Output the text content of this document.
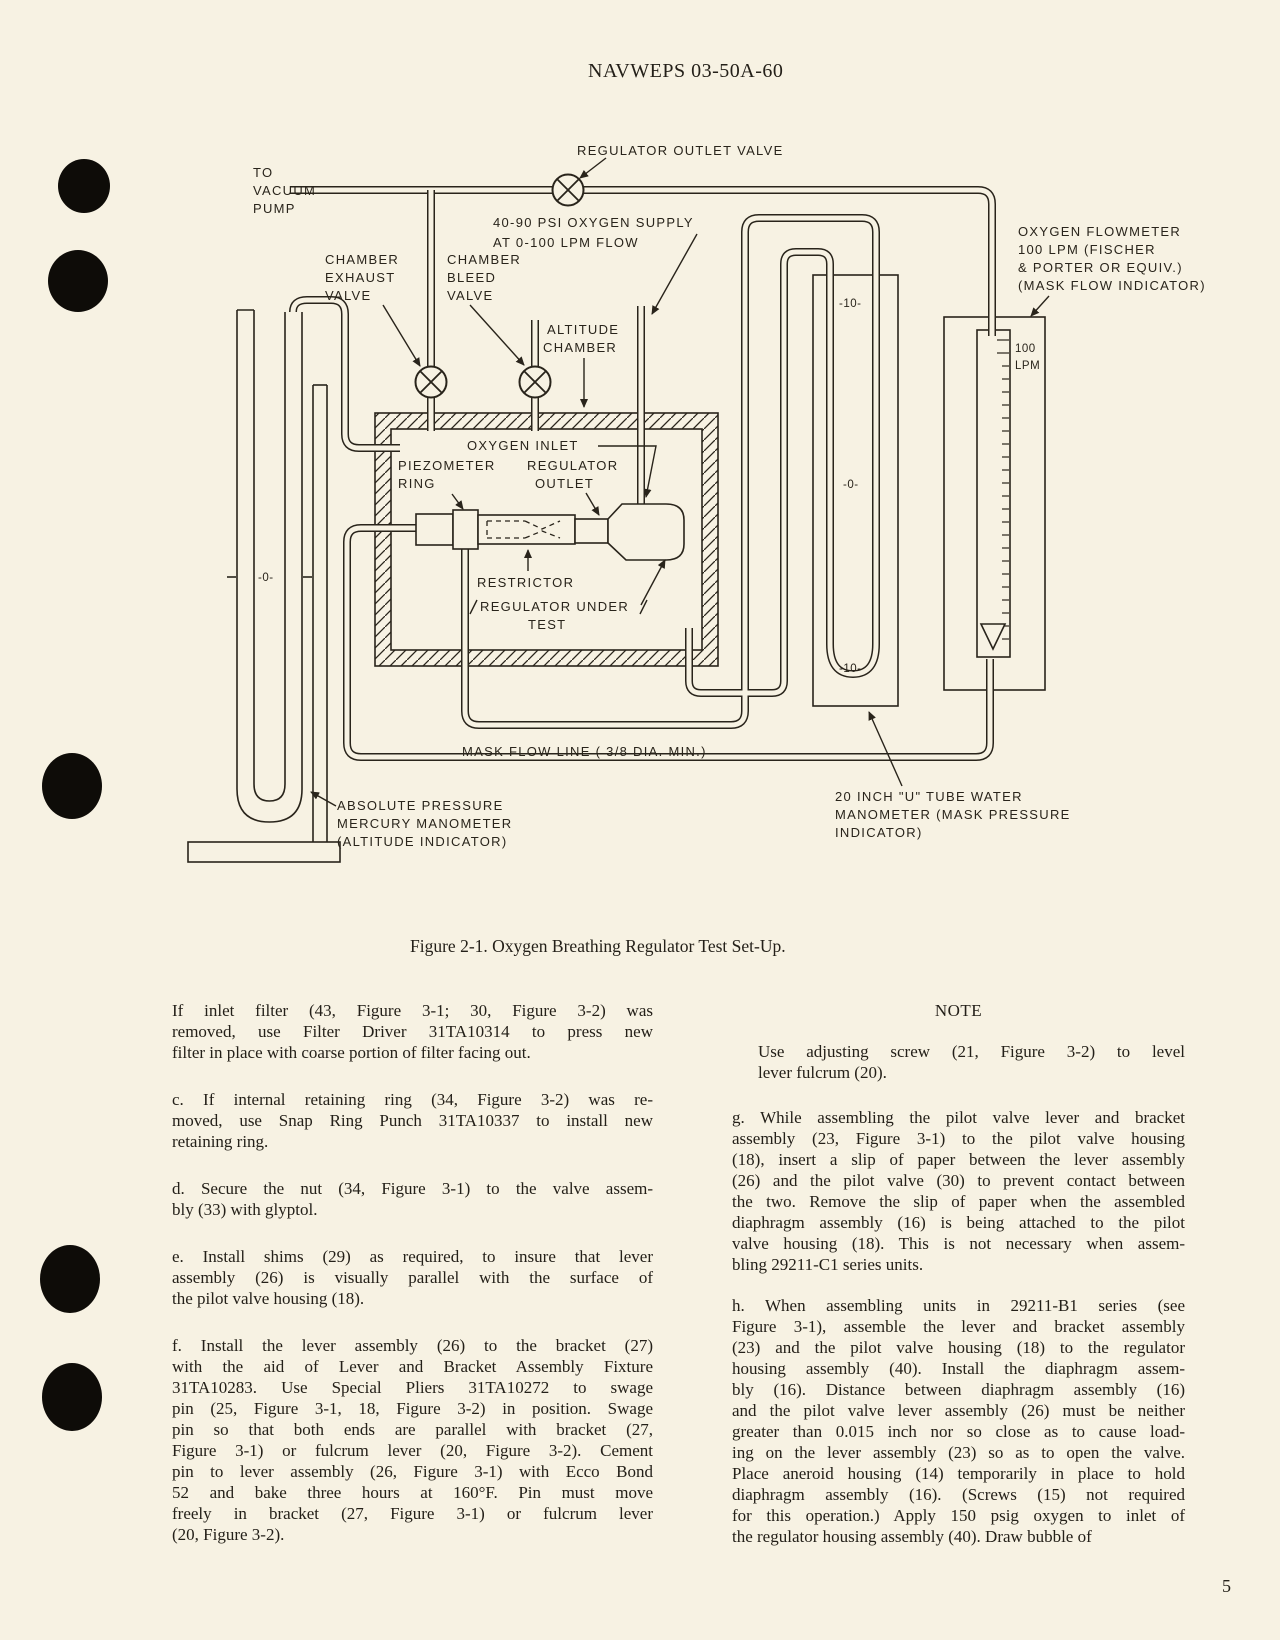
NAVWEPS 03-50A-60
TO
VACUUM
PUMP
REGULATOR OUTLET VALVE
40-90 PSI OXYGEN SUPPLY
AT 0-100 LPM FLOW
CHAMBER
EXHAUST
VALVE
CHAMBER
BLEED
VALVE
ALTITUDE
CHAMBER
OXYGEN FLOWMETER
100 LPM (FISCHER
& PORTER OR EQUIV.)
(MASK FLOW INDICATOR)
OXYGEN INLET
PIEZOMETER
RING
REGULATOR
OUTLET
RESTRICTOR
REGULATOR UNDER
TEST
MASK FLOW LINE ( 3/8 DIA. MIN.)
ABSOLUTE PRESSURE
MERCURY MANOMETER
(ALTITUDE INDICATOR)
20 INCH "U" TUBE WATER
MANOMETER (MASK PRESSURE
INDICATOR)
100
LPM
-10-
-0-
-10-
-0-
Figure 2-1. Oxygen Breathing Regulator Test Set-Up.
If inlet filter (43, Figure 3-1; 30, Figure 3-2) was
removed, use Filter Driver 31TA10314 to press new
filter in place with coarse portion of filter facing out.
c. If internal retaining ring (34, Figure 3-2) was re-
moved, use Snap Ring Punch 31TA10337 to install new
retaining ring.
d. Secure the nut (34, Figure 3-1) to the valve assem-
bly (33) with glyptol.
e. Install shims (29) as required, to insure that lever
assembly (26) is visually parallel with the surface of
the pilot valve housing (18).
f. Install the lever assembly (26) to the bracket (27)
with the aid of Lever and Bracket Assembly Fixture
31TA10283. Use Special Pliers 31TA10272 to swage
pin (25, Figure 3-1, 18, Figure 3-2) in position. Swage
pin so that both ends are parallel with bracket (27,
Figure 3-1) or fulcrum lever (20, Figure 3-2). Cement
pin to lever assembly (26, Figure 3-1) with Ecco Bond
52 and bake three hours at 160°F. Pin must move
freely in bracket (27, Figure 3-1) or fulcrum lever
(20, Figure 3-2).
NOTE
Use adjusting screw (21, Figure 3-2) to level
lever fulcrum (20).
g. While assembling the pilot valve lever and bracket
assembly (23, Figure 3-1) to the pilot valve housing
(18), insert a slip of paper between the lever assembly
(26) and the pilot valve (30) to prevent contact between
the two. Remove the slip of paper when the assembled
diaphragm assembly (16) is being attached to the pilot
valve housing (18). This is not necessary when assem-
bling 29211-C1 series units.
h. When assembling units in 29211-B1 series (see
Figure 3-1), assemble the lever and bracket assembly
(23) and the pilot valve housing (18) to the regulator
housing assembly (40). Install the diaphragm assem-
bly (16). Distance between diaphragm assembly (16)
and the pilot valve lever assembly (26) must be neither
greater than 0.015 inch nor so close as to cause load-
ing on the lever assembly (23) so as to open the valve.
Place aneroid housing (14) temporarily in place to hold
diaphragm assembly (16). (Screws (15) not required
for this operation.) Apply 150 psig oxygen to inlet of
the regulator housing assembly (40). Draw bubble of
5
